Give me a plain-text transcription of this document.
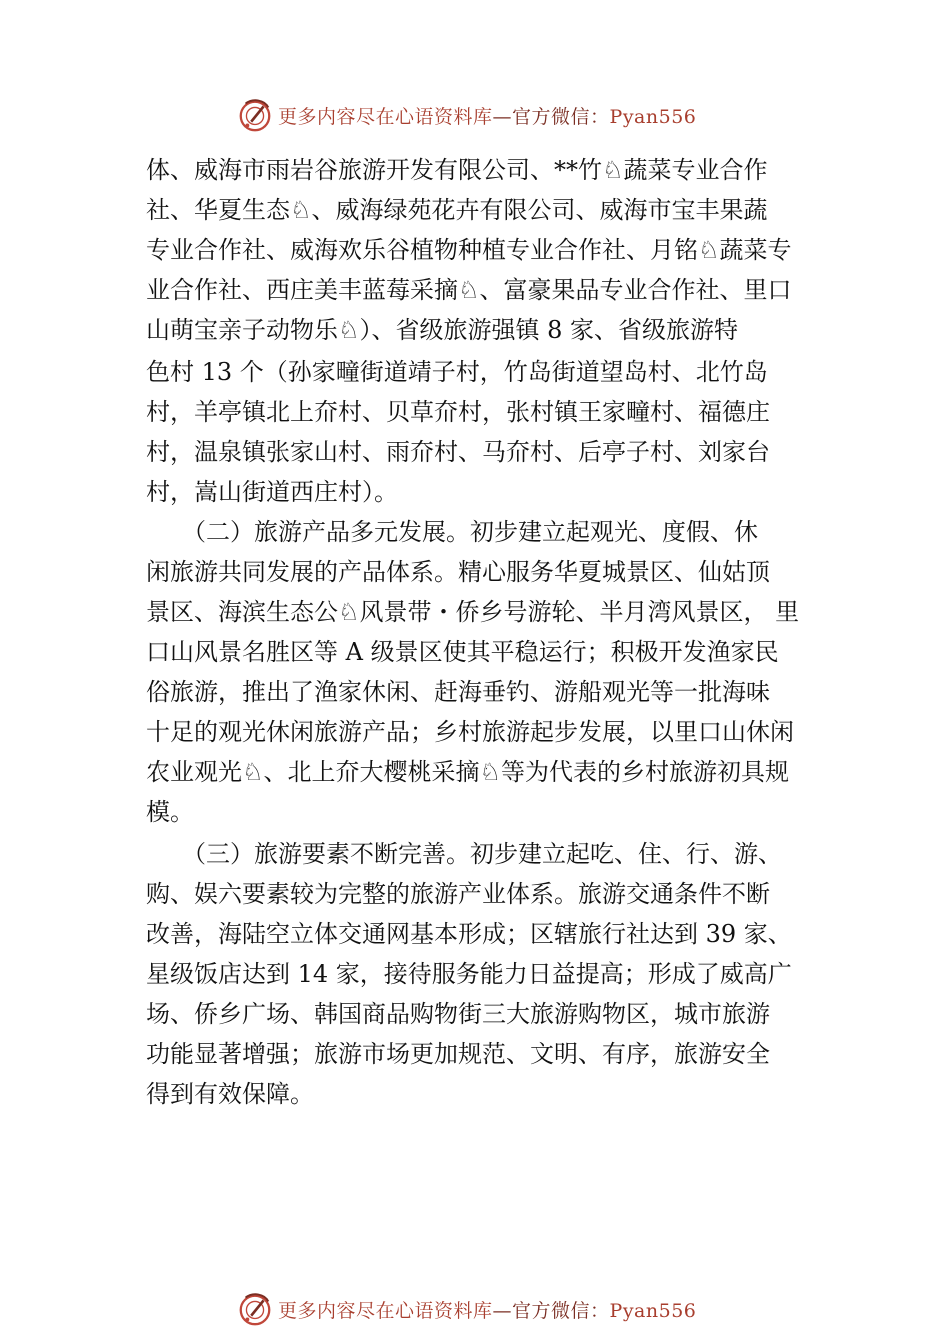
更多内容尽在心语资料库—官方微信：Pyan556
体、威海市雨岩谷旅游开发有限公司、**竹♘蔬菜专业合作
社、华夏生态♘、威海绿苑花卉有限公司、威海市宝丰果蔬
专业合作社、威海欢乐谷植物种植专业合作社、月铭♘蔬菜专
业合作社、西庄美丰蓝莓采摘♘、富豪果品专业合作社、里口
山萌宝亲子动物乐♘）、省级旅游强镇 8 家、省级旅游特
色村 13 个（孙家疃街道靖子村，竹岛街道望岛村、北竹岛
村，羊亭镇北上夼村、贝草夼村，张村镇王家疃村、福德庄
村，温泉镇张家山村、雨夼村、马夼村、后亭子村、刘家台
村，嵩山街道西庄村）。
　　（二）旅游产品多元发展。初步建立起观光、度假、休
闲旅游共同发展的产品体系。精心服务华夏城景区、仙姑顶
景区、海滨生态公♘风景带・侨乡号游轮、半月湾风景区， 里
口山风景名胜区等 A 级景区使其平稳运行；积极开发渔家民
俗旅游，推出了渔家休闲、赶海垂钓、游船观光等一批海味
十足的观光休闲旅游产品；乡村旅游起步发展，以里口山休闲
农业观光♘、北上夼大樱桃采摘♘等为代表的乡村旅游初具规
模。
　　（三）旅游要素不断完善。初步建立起吃、住、行、游、
购、娱六要素较为完整的旅游产业体系。旅游交通条件不断
改善，海陆空立体交通网基本形成；区辖旅行社达到 39 家、
星级饭店达到 14 家，接待服务能力日益提高；形成了威高广
场、侨乡广场、韩国商品购物街三大旅游购物区，城市旅游
功能显著增强；旅游市场更加规范、文明、有序，旅游安全
得到有效保障。
更多内容尽在心语资料库—官方微信：Pyan556
